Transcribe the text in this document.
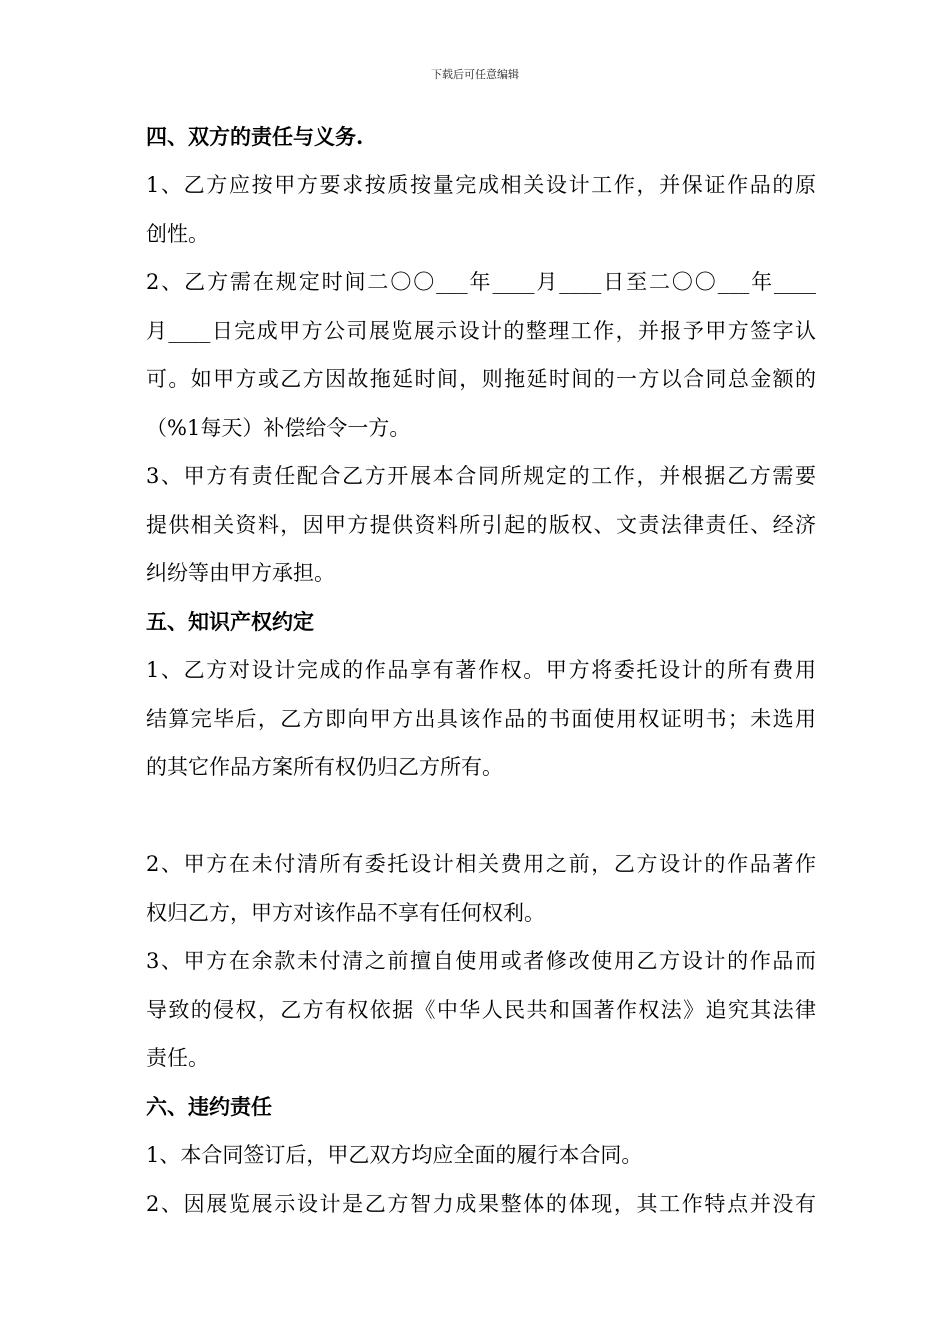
下载后可任意编辑
四、双方的责任与义务.
1、乙方应按甲方要求按质按量完成相关设计工作，并保证作品的原
创性。
2、乙方需在规定时间二〇〇___年____月____日至二〇〇___年____
月____日完成甲方公司展览展示设计的整理工作，并报予甲方签字认
可。如甲方或乙方因故拖延时间，则拖延时间的一方以合同总金额的
（%1每天）补偿给令一方。
3、甲方有责任配合乙方开展本合同所规定的工作，并根据乙方需要
提供相关资料，因甲方提供资料所引起的版权、文责法律责任、经济
纠纷等由甲方承担。
五、知识产权约定
1、乙方对设计完成的作品享有著作权。甲方将委托设计的所有费用
结算完毕后，乙方即向甲方出具该作品的书面使用权证明书；未选用
的其它作品方案所有权仍归乙方所有。
2、甲方在未付清所有委托设计相关费用之前，乙方设计的作品著作
权归乙方，甲方对该作品不享有任何权利。
3、甲方在余款未付清之前擅自使用或者修改使用乙方设计的作品而
导致的侵权，乙方有权依据《中华人民共和国著作权法》追究其法律
责任。
六、违约责任
1、本合同签订后，甲乙双方均应全面的履行本合同。
2、因展览展示设计是乙方智力成果整体的体现，其工作特点并没有
